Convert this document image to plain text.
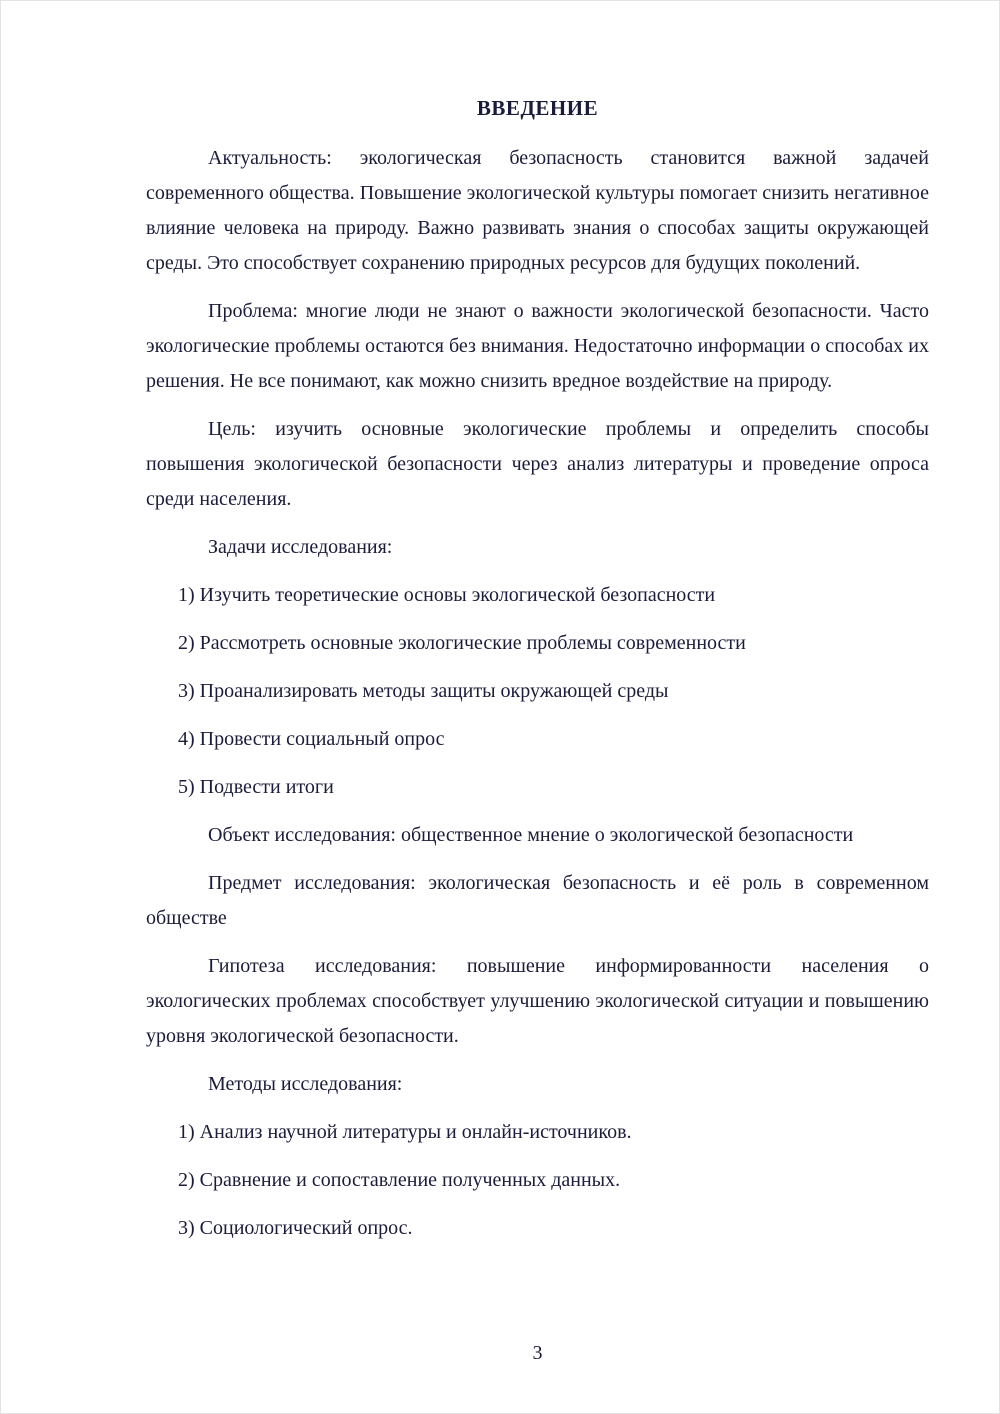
ВВЕДЕНИЕ

Актуальность: экологическая безопасность становится важной задачей современного общества. Повышение экологической культуры помогает снизить негативное влияние человека на природу. Важно развивать знания о способах защиты окружающей среды. Это способствует сохранению природных ресурсов для будущих поколений.

Проблема: многие люди не знают о важности экологической безопасности. Часто экологические проблемы остаются без внимания. Недостаточно информации о способах их решения. Не все понимают, как можно снизить вредное воздействие на природу.

Цель: изучить основные экологические проблемы и определить способы повышения экологической безопасности через анализ литературы и проведение опроса среди населения.

Задачи исследования:

1) Изучить теоретические основы экологической безопасности

2) Рассмотреть основные экологические проблемы современности

3) Проанализировать методы защиты окружающей среды

4) Провести социальный опрос

5) Подвести итоги

Объект исследования: общественное мнение о экологической безопасности

Предмет исследования: экологическая безопасность и её роль в современном обществе

Гипотеза исследования: повышение информированности населения о экологических проблемах способствует улучшению экологической ситуации и повышению уровня экологической безопасности.

Методы исследования:

1) Анализ научной литературы и онлайн-источников.

2) Сравнение и сопоставление полученных данных.

3) Социологический опрос.

3
